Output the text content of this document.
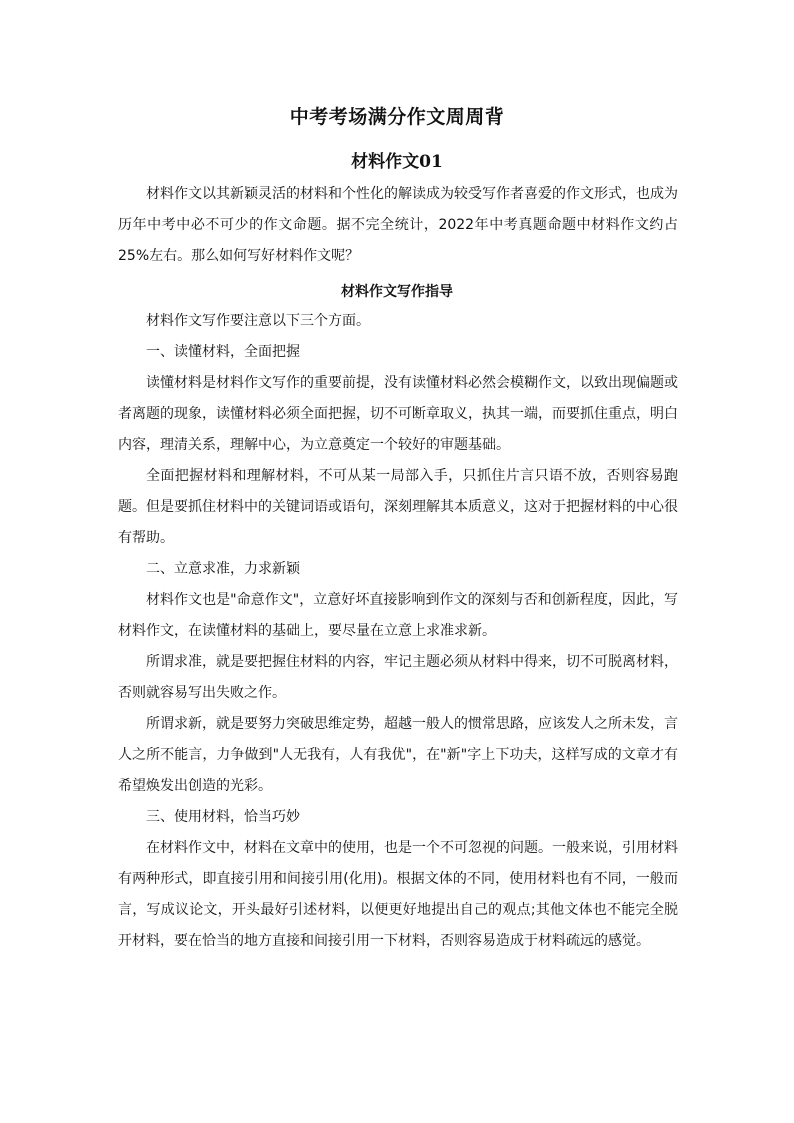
中考考场满分作文周周背
材料作文01

材料作文以其新颖灵活的材料和个性化的解读成为较受写作者喜爱的作文形式，也成为历年中考中必不可少的作文命题。据不完全统计，2022年中考真题命题中材料作文约占25%左右。那么如何写好材料作文呢？

材料作文写作指导

材料作文写作要注意以下三个方面。

一、读懂材料，全面把握

读懂材料是材料作文写作的重要前提，没有读懂材料必然会模糊作文，以致出现偏题或者离题的现象，读懂材料必须全面把握，切不可断章取义，执其一端，而要抓住重点，明白内容，理清关系，理解中心，为立意奠定一个较好的审题基础。

全面把握材料和理解材料，不可从某一局部入手，只抓住片言只语不放，否则容易跑题。但是要抓住材料中的关键词语或语句，深刻理解其本质意义，这对于把握材料的中心很有帮助。

二、立意求准，力求新颖

材料作文也是"命意作文"，立意好坏直接影响到作文的深刻与否和创新程度，因此，写材料作文，在读懂材料的基础上，要尽量在立意上求准求新。

所谓求准，就是要把握住材料的内容，牢记主题必须从材料中得来，切不可脱离材料，否则就容易写出失败之作。

所谓求新，就是要努力突破思维定势，超越一般人的惯常思路，应该发人之所未发，言人之所不能言，力争做到"人无我有，人有我优"，在"新"字上下功夫，这样写成的文章才有希望焕发出创造的光彩。

三、使用材料，恰当巧妙

在材料作文中，材料在文章中的使用，也是一个不可忽视的问题。一般来说，引用材料有两种形式，即直接引用和间接引用(化用)。根据文体的不同，使用材料也有不同，一般而言，写成议论文，开头最好引述材料，以便更好地提出自己的观点;其他文体也不能完全脱开材料，要在恰当的地方直接和间接引用一下材料，否则容易造成于材料疏远的感觉。
